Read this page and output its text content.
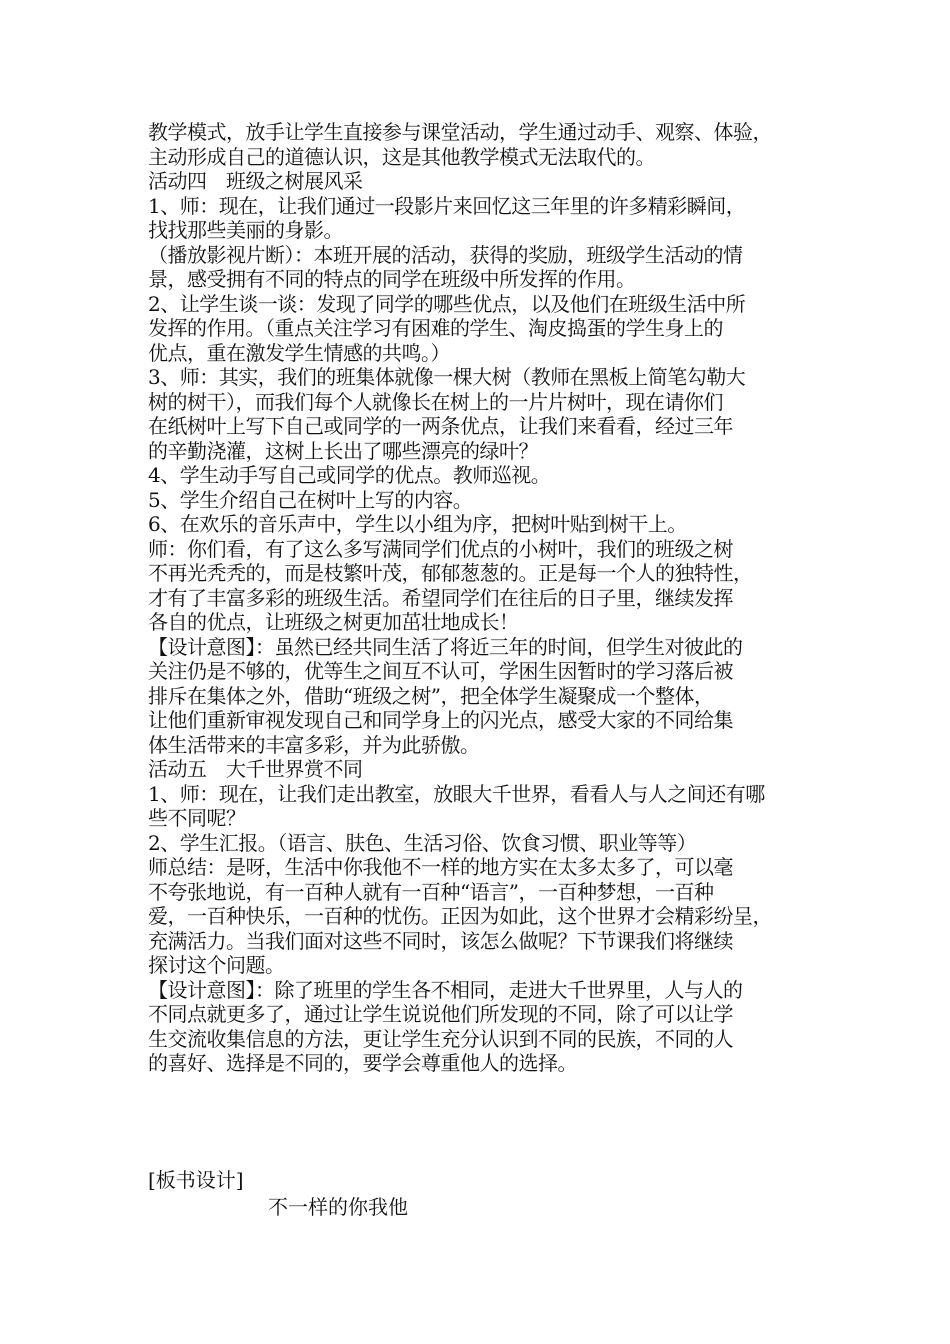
教学模式，放手让学生直接参与课堂活动，学生通过动手、观察、体验，
主动形成自己的道德认识，这是其他教学模式无法取代的。
活动四　班级之树展风采
1、师：现在，让我们通过一段影片来回忆这三年里的许多精彩瞬间，
找找那些美丽的身影。
（播放影视片断）：本班开展的活动，获得的奖励，班级学生活动的情
景，感受拥有不同的特点的同学在班级中所发挥的作用。
2、让学生谈一谈：发现了同学的哪些优点，以及他们在班级生活中所
发挥的作用。（重点关注学习有困难的学生、淘皮捣蛋的学生身上的
优点，重在激发学生情感的共鸣。）
3、师：其实，我们的班集体就像一棵大树（教师在黑板上简笔勾勒大
树的树干），而我们每个人就像长在树上的一片片树叶，现在请你们
在纸树叶上写下自己或同学的一两条优点，让我们来看看，经过三年
的辛勤浇灌，这树上长出了哪些漂亮的绿叶？
4、学生动手写自己或同学的优点。教师巡视。
5、学生介绍自己在树叶上写的内容。
6、在欢乐的音乐声中，学生以小组为序，把树叶贴到树干上。
师：你们看，有了这么多写满同学们优点的小树叶，我们的班级之树
不再光秃秃的，而是枝繁叶茂，郁郁葱葱的。正是每一个人的独特性，
才有了丰富多彩的班级生活。希望同学们在往后的日子里，继续发挥
各自的优点，让班级之树更加茁壮地成长！
【设计意图】：虽然已经共同生活了将近三年的时间，但学生对彼此的
关注仍是不够的，优等生之间互不认可，学困生因暂时的学习落后被
排斥在集体之外，借助“班级之树”，把全体学生凝聚成一个整体，
让他们重新审视发现自己和同学身上的闪光点，感受大家的不同给集
体生活带来的丰富多彩，并为此骄傲。
活动五　大千世界赏不同
1、师：现在，让我们走出教室，放眼大千世界，看看人与人之间还有哪
些不同呢？
2、学生汇报。（语言、肤色、生活习俗、饮食习惯、职业等等）
师总结：是呀，生活中你我他不一样的地方实在太多太多了，可以毫
不夸张地说，有一百种人就有一百种“语言”，一百种梦想，一百种
爱，一百种快乐，一百种的忧伤。正因为如此，这个世界才会精彩纷呈，
充满活力。当我们面对这些不同时，该怎么做呢？下节课我们将继续
探讨这个问题。
【设计意图】：除了班里的学生各不相同，走进大千世界里，人与人的
不同点就更多了，通过让学生说说他们所发现的不同，除了可以让学
生交流收集信息的方法，更让学生充分认识到不同的民族，不同的人
的喜好、选择是不同的，要学会尊重他人的选择。
[板书设计]
不一样的你我他
